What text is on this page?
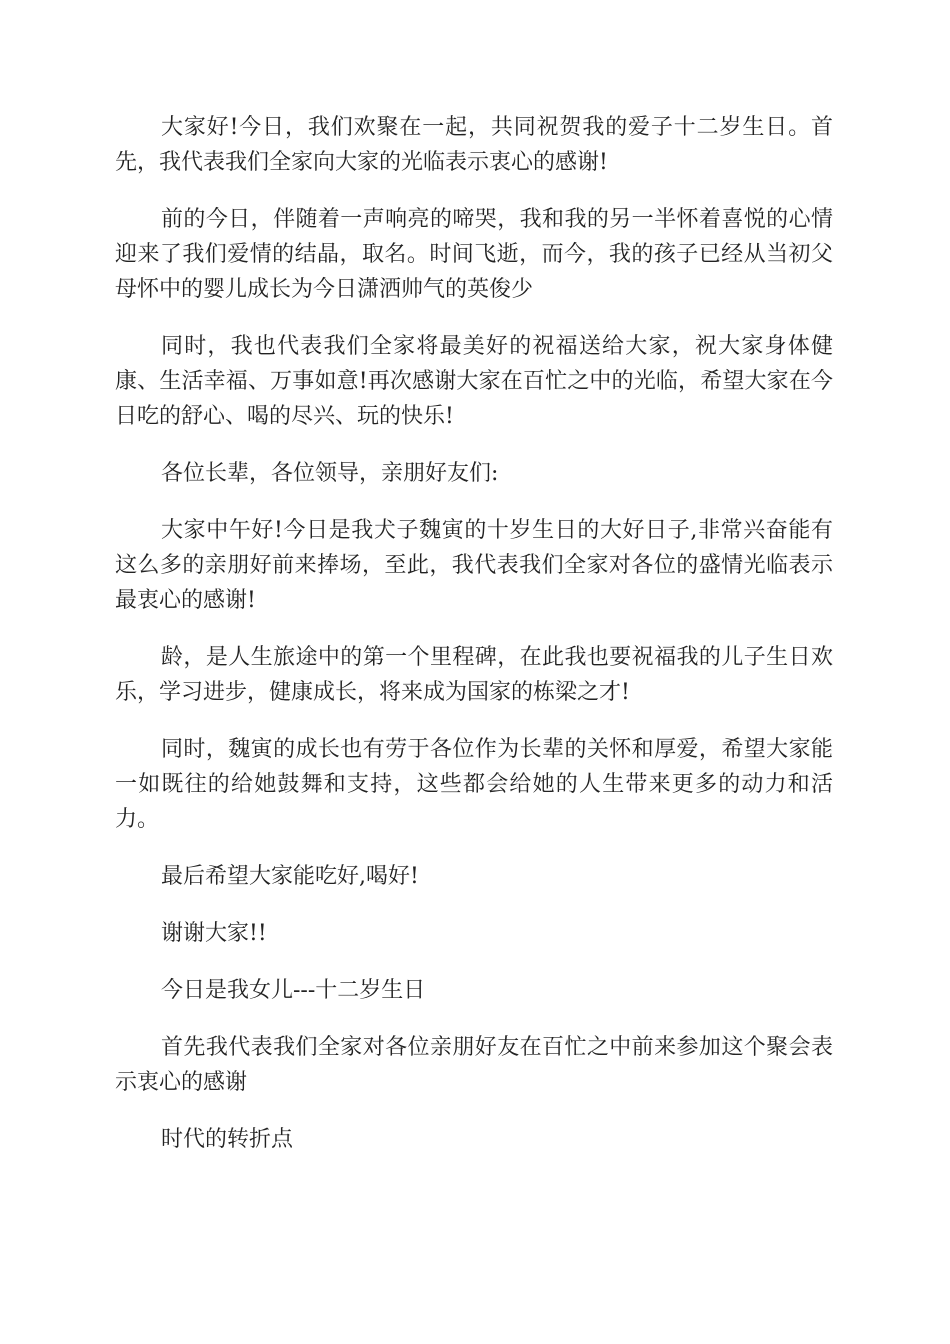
大家好!今日，我们欢聚在一起，共同祝贺我的爱子十二岁生日。首先，我代表我们全家向大家的光临表示衷心的感谢!

前的今日，伴随着一声响亮的啼哭，我和我的另一半怀着喜悦的心情迎来了我们爱情的结晶，取名。时间飞逝，而今，我的孩子已经从当初父母怀中的婴儿成长为今日潇洒帅气的英俊少

同时，我也代表我们全家将最美好的祝福送给大家，祝大家身体健康、生活幸福、万事如意!再次感谢大家在百忙之中的光临，希望大家在今日吃的舒心、喝的尽兴、玩的快乐!

各位长辈，各位领导，亲朋好友们:

大家中午好!今日是我犬子魏寅的十岁生日的大好日子,非常兴奋能有这么多的亲朋好前来捧场，至此，我代表我们全家对各位的盛情光临表示最衷心的感谢!

龄，是人生旅途中的第一个里程碑，在此我也要祝福我的儿子生日欢乐，学习进步，健康成长，将来成为国家的栋梁之才!

同时，魏寅的成长也有劳于各位作为长辈的关怀和厚爱，希望大家能一如既往的给她鼓舞和支持，这些都会给她的人生带来更多的动力和活力。

最后希望大家能吃好,喝好!

谢谢大家!!

今日是我女儿---十二岁生日

首先我代表我们全家对各位亲朋好友在百忙之中前来参加这个聚会表示衷心的感谢

时代的转折点
